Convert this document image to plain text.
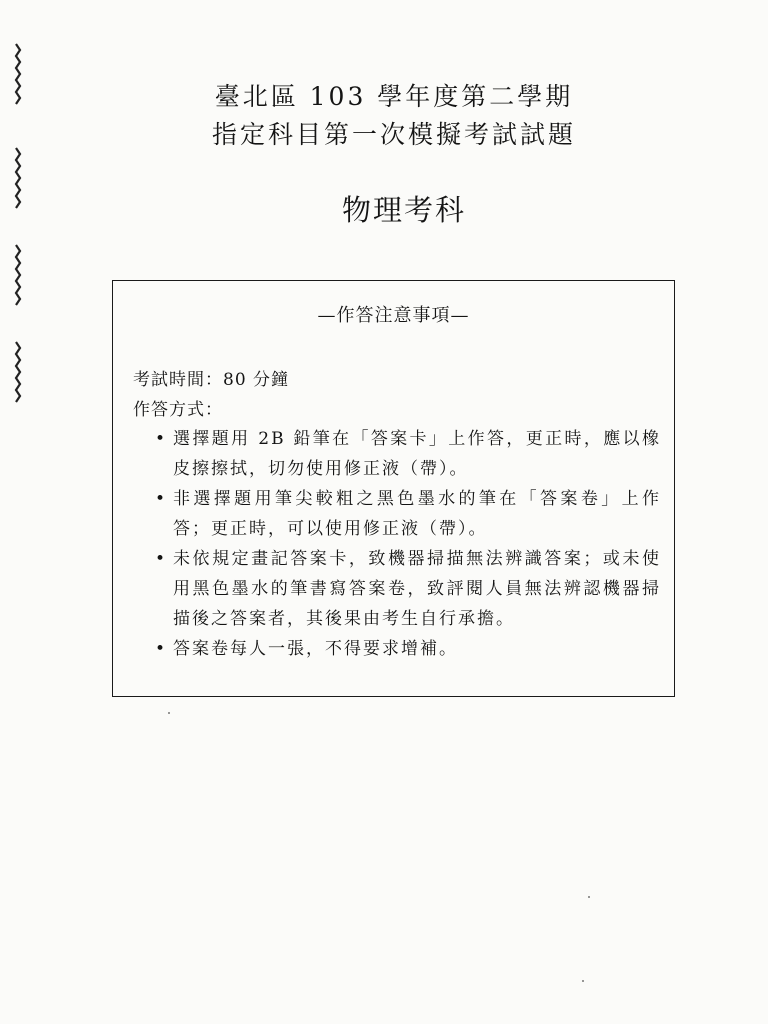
臺北區 103 學年度第二學期
指定科目第一次模擬考試試題
物理考科
—作答注意事項—
考試時間：80 分鐘
作答方式：
• 選擇題用 2B 鉛筆在「答案卡」上作答，更正時，應以橡皮擦擦拭，切勿使用修正液（帶）。
• 非選擇題用筆尖較粗之黑色墨水的筆在「答案卷」上作答；更正時，可以使用修正液（帶）。
• 未依規定畫記答案卡，致機器掃描無法辨識答案；或未使用黑色墨水的筆書寫答案卷，致評閱人員無法辨認機器掃描後之答案者，其後果由考生自行承擔。
• 答案卷每人一張，不得要求增補。
